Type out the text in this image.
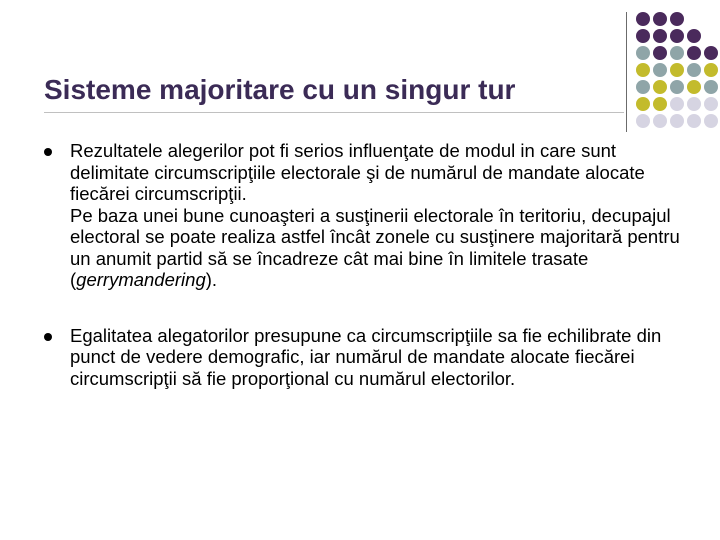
Sisteme majoritare cu un singur tur
Rezultatele alegerilor pot fi serios influenţate de modul in care sunt delimitate circumscripţiile electorale şi de numărul de mandate alocate fiecărei circumscripţii.
Pe baza unei bune cunoaşteri a susţinerii electorale în teritoriu, decupajul electoral se poate realiza astfel încât zonele cu susţinere majoritară pentru un anumit partid să se încadreze cât mai bine în limitele trasate (gerrymandering).
Egalitatea alegatorilor presupune ca circumscripţiile sa fie echilibrate din punct de vedere demografic, iar numărul de mandate alocate fiecărei circumscripţii să fie proporţional cu numărul electorilor.
